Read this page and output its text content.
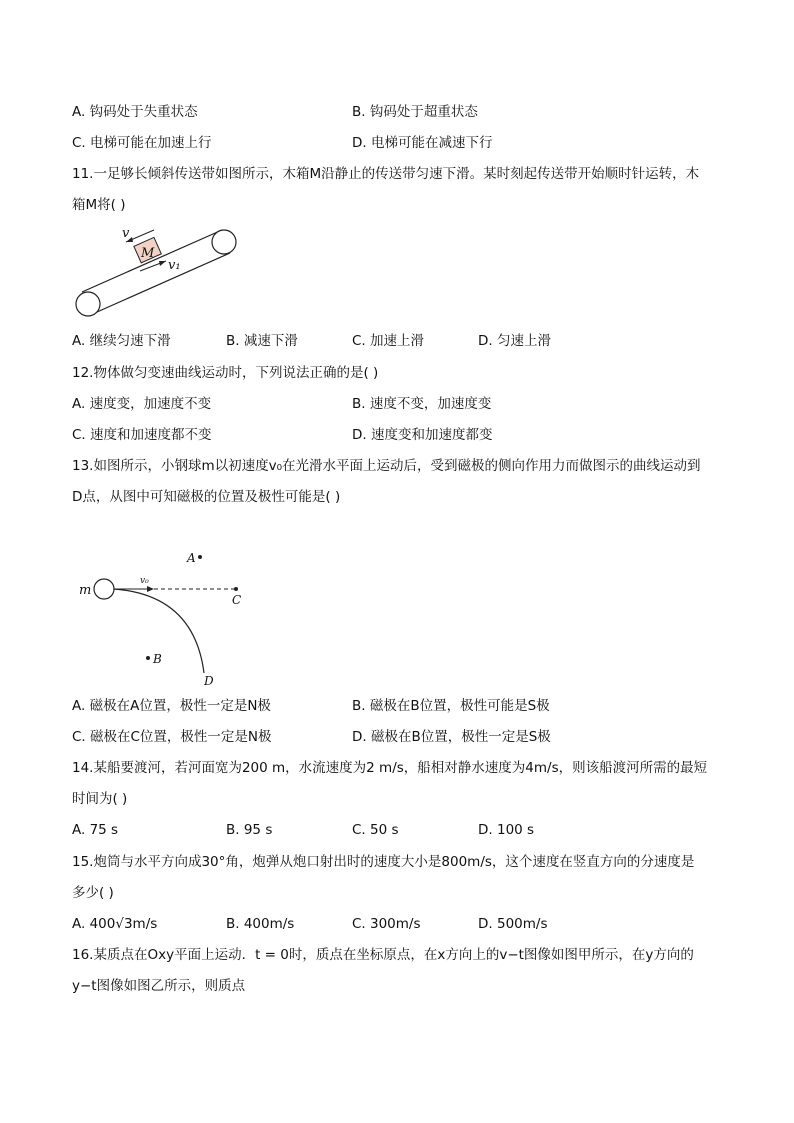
A. 钩码处于失重状态	B. 钩码处于超重状态
C. 电梯可能在加速上行	D. 电梯可能在减速下行
11.一足够长倾斜传送带如图所示，木箱M沿静止的传送带匀速下滑。某时刻起传送带开始顺时针运转，木
箱M将( )
M
v
v₁
A. 继续匀速下滑	B. 减速下滑	C. 加速上滑	D. 匀速上滑
12.物体做匀变速曲线运动时，下列说法正确的是( )
A. 速度变，加速度不变	B. 速度不变，加速度变
C. 速度和加速度都不变	D. 速度变和加速度都变
13.如图所示，小钢球m以初速度v₀在光滑水平面上运动后，受到磁极的侧向作用力而做图示的曲线运动到
D点，从图中可知磁极的位置及极性可能是( )
m
v₀
C
A
B
D
A. 磁极在A位置，极性一定是N极	B. 磁极在B位置，极性可能是S极
C. 磁极在C位置，极性一定是N极	D. 磁极在B位置，极性一定是S极
14.某船要渡河，若河面宽为200 m，水流速度为2 m/s，船相对静水速度为4m/s，则该船渡河所需的最短
时间为( )
A. 75 s	B. 95 s	C. 50 s	D. 100 s
15.炮筒与水平方向成30°角，炮弹从炮口射出时的速度大小是800m/s，这个速度在竖直方向的分速度是
多少( )
A. 400√3m/s	B. 400m/s	C. 300m/s	D. 500m/s
16.某质点在Oxy平面上运动．t = 0时，质点在坐标原点，在x方向上的v−t图像如图甲所示，在y方向的
y−t图像如图乙所示，则质点
